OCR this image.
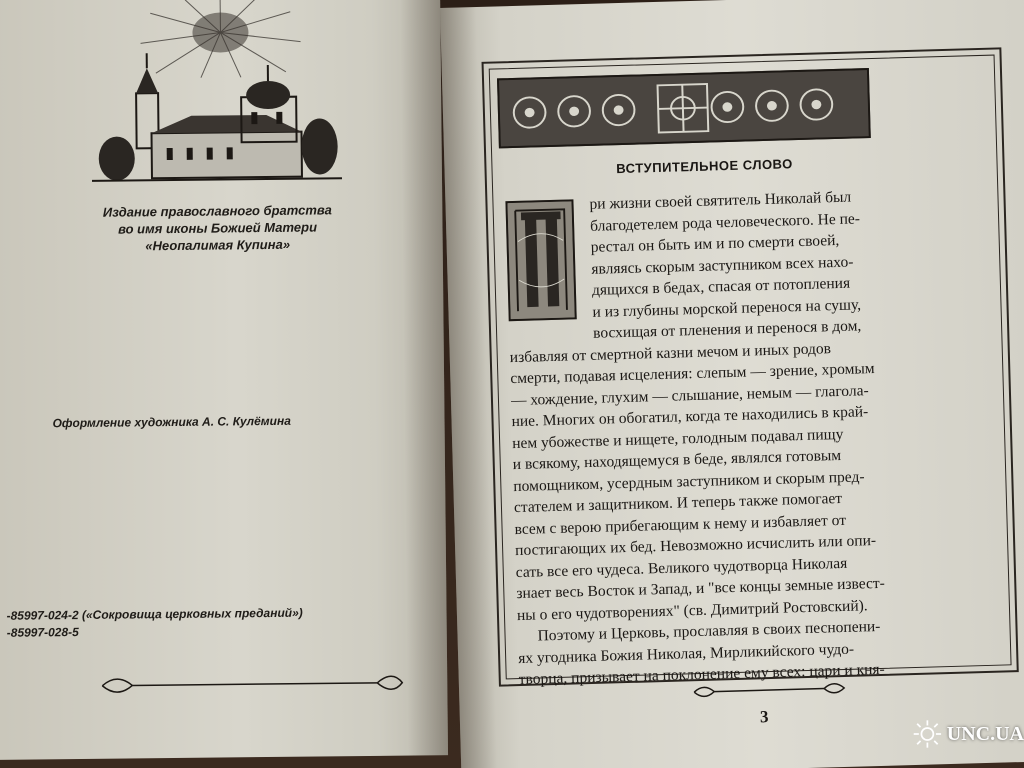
Издание православного братства
во имя иконы Божией Матери
«Неопалимая Купина»
Оформление художника А. С. Кулёмина
-85997-024-2 («Сокровища церковных преданий»)
-85997-028-5
ВСТУПИТЕЛЬНОЕ СЛОВО
ри жизни своей святитель Николай был
благодетелем рода человеческого. Не пе-
рестал он быть им и по смерти своей,
являясь скорым заступником всех нахо-
дящихся в бедах, спасая от потопления
и из глубины морской перенося на сушу,
восхищая от пленения и перенося в дом,
избавляя от смертной казни мечом и иных родов
смерти, подавая исцеления: слепым — зрение, хромым
— хождение, глухим — слышание, немым — глагола-
ние. Многих он обогатил, когда те находились в край-
нем убожестве и нищете, голодным подавал пищу
и всякому, находящемуся в беде, являлся готовым
помощником, усердным заступником и скорым пред-
стателем и защитником. И теперь также помогает
всем с верою прибегающим к нему и избавляет от
постигающих их бед. Невозможно исчислить или опи-
сать все его чудеса. Великого чудотворца Николая
знает весь Восток и Запад, и "все концы земные извест-
ны о его чудотворениях" (св. Димитрий Ростовский).
Поэтому и Церковь, прославляя в своих песнопени-
ях угодника Божия Николая, Мирликийского чудо-
творца, призывает на поклонение ему всех: цари и кня-
3
UNC.UA
